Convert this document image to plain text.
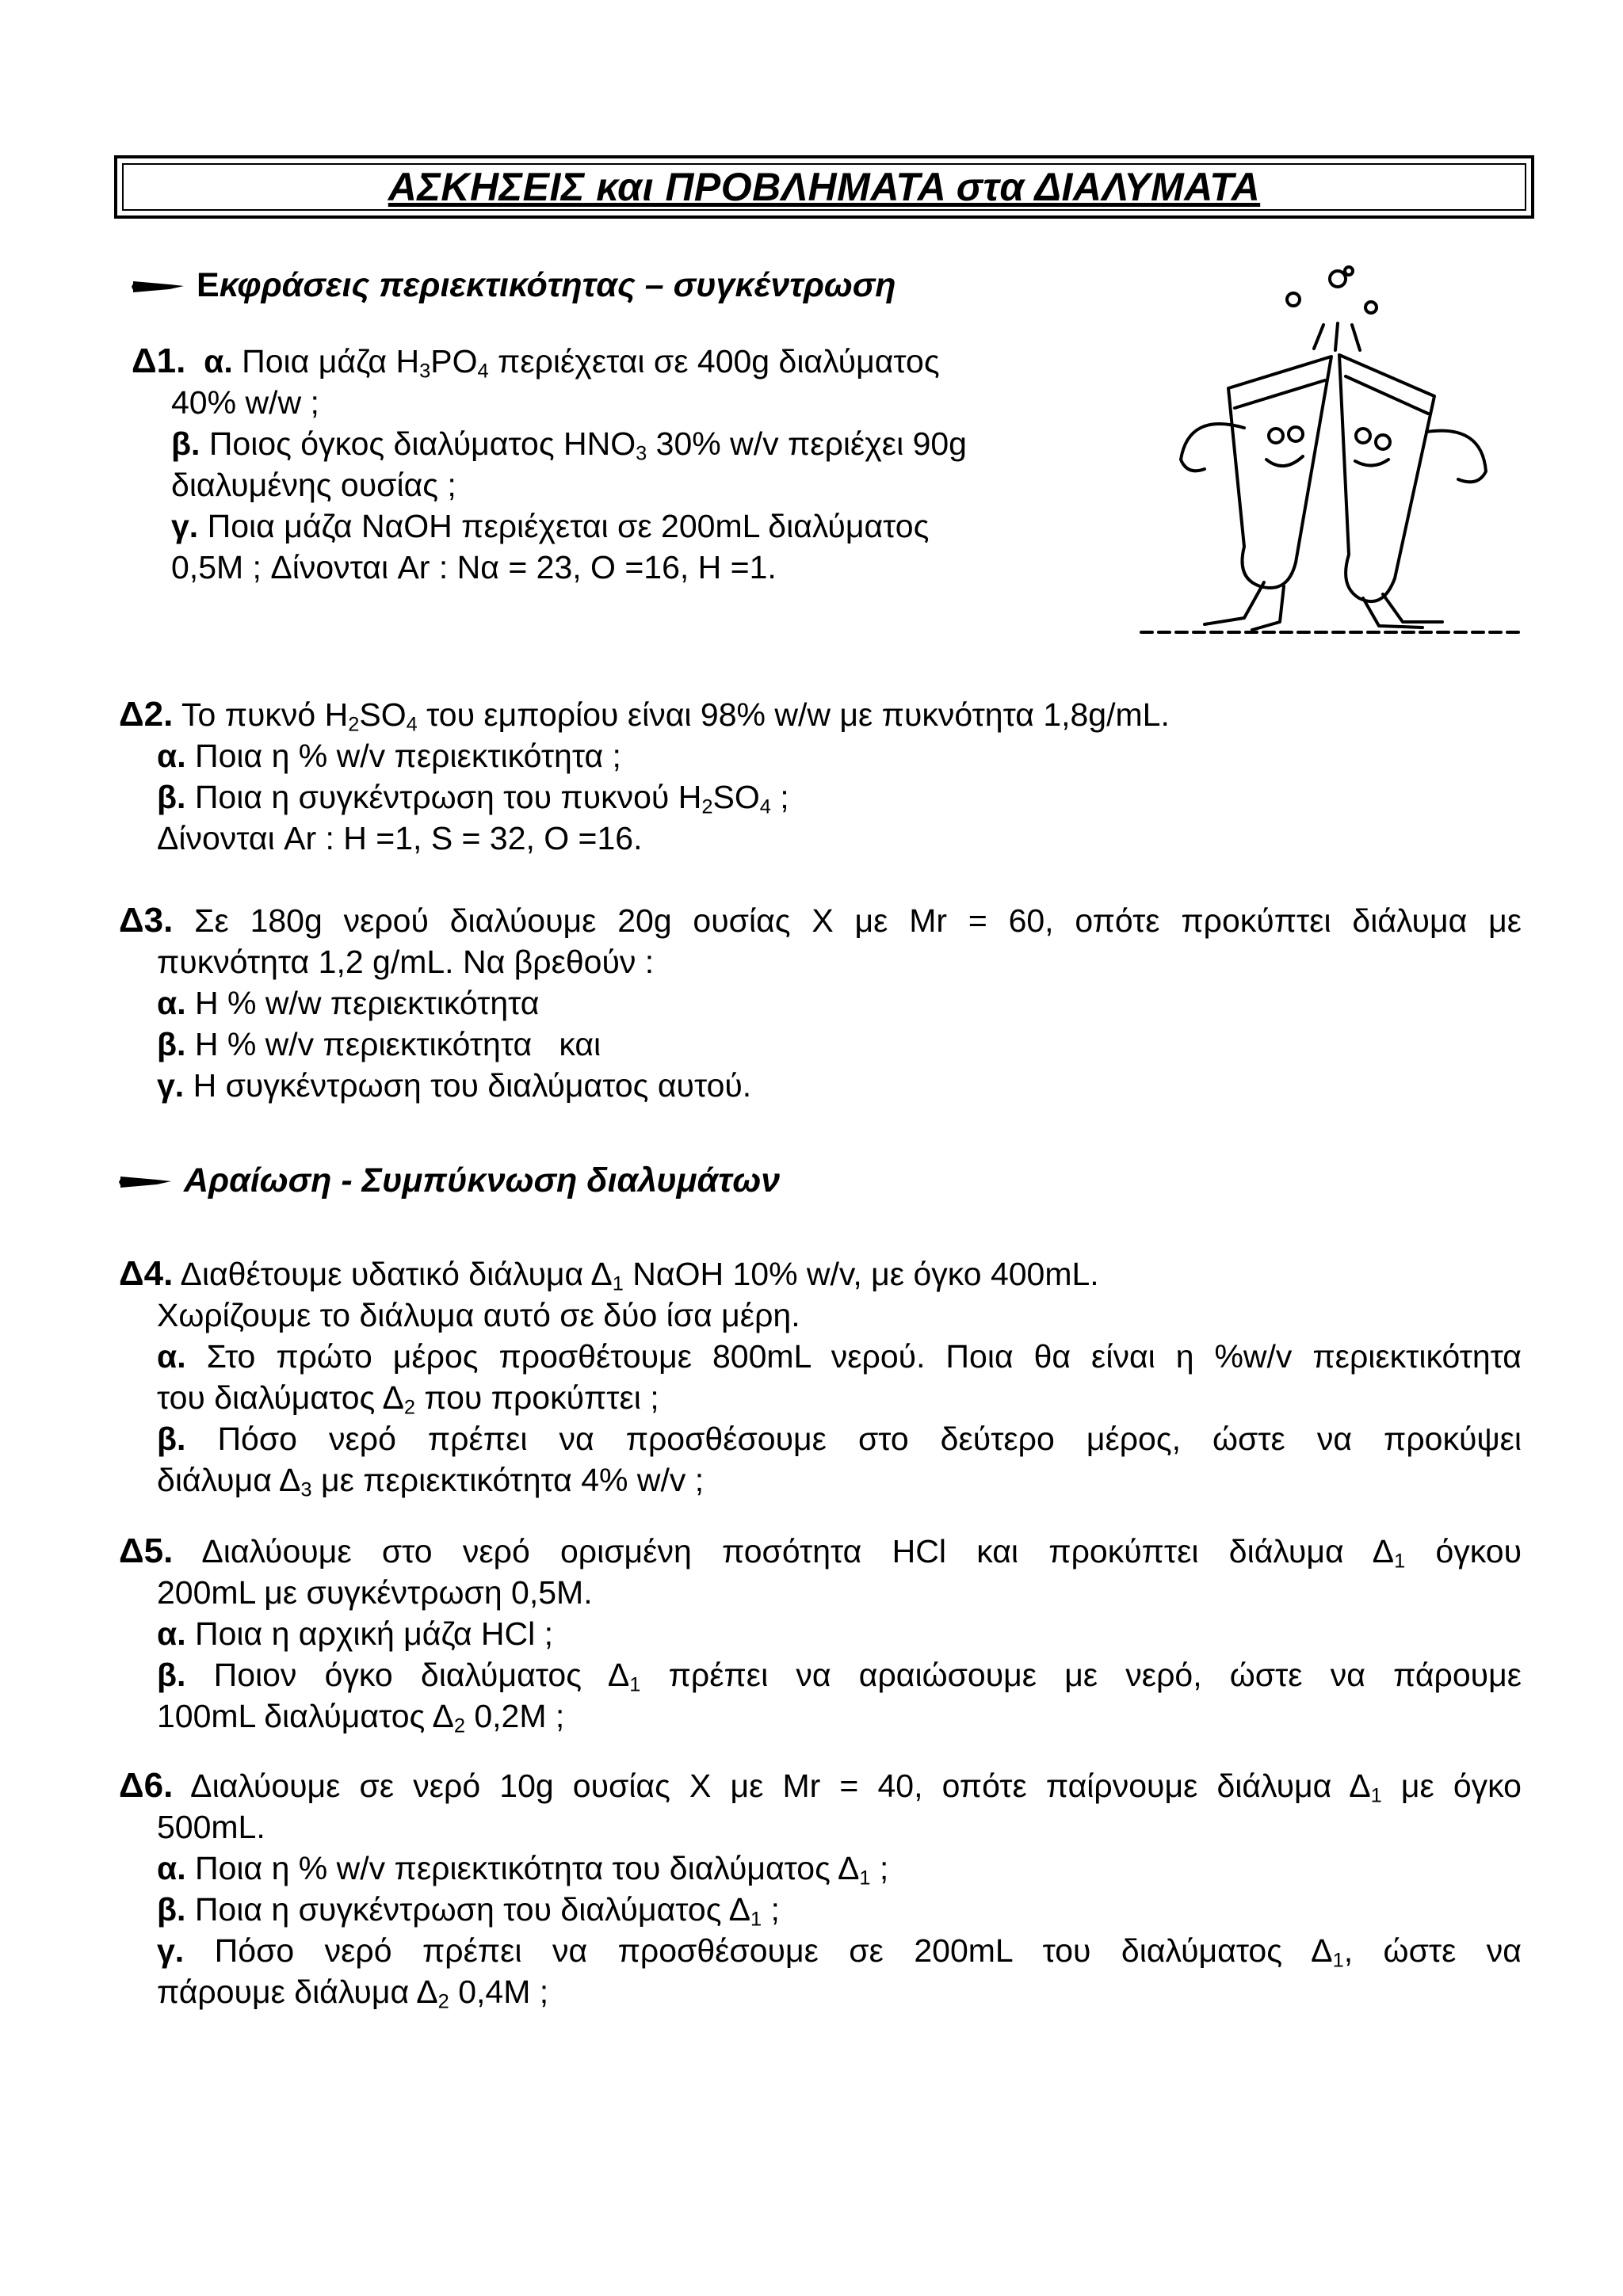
ΑΣΚΗΣΕΙΣ και ΠΡΟΒΛΗΜΑΤΑ στα ΔΙΑΛΥΜΑΤΑ
Ε κφράσεις περιεκτικότητας – συγκέντρωση
Δ1. α. Ποια μάζα $H_3PO_4$ περιέχεται σε 400g διαλύματος
40% w/w ;
β. Ποιος όγκος διαλύματος $HNO_3$ 30% w/v περιέχει 90g
διαλυμένης ουσίας ;
γ. Ποια μάζα NαOH περιέχεται σε 200mL διαλύματος
0,5M ; Δίνονται Ar : Να = 23, O =16, H =1.
Δ2. Το πυκνό $H_2SO_4$ του εμπορίου είναι 98% w/w με πυκνότητα 1,8g/mL.
α. Ποια η % w/v περιεκτικότητα ;
β. Ποια η συγκέντρωση του πυκνού $H_2SO_4$ ;
Δίνονται Ar : H =1, S = 32, O =16.
Δ3. Σε 180g νερού διαλύουμε 20g ουσίας Χ με Mr = 60, οπότε προκύπτει διάλυμα με
πυκνότητα 1,2 g/mL. Να βρεθούν :
α. Η % w/w περιεκτικότητα
β. Η % w/v περιεκτικότητα   και
γ. Η συγκέντρωση του διαλύματος αυτού.
Αραίωση - Συμπύκνωση διαλυμάτων
Δ4. Διαθέτουμε υδατικό διάλυμα $\Delta_1$ NαOH 10% w/v, με όγκο 400mL.
Χωρίζουμε το διάλυμα αυτό σε δύο ίσα μέρη.
α. Στο πρώτο μέρος προσθέτουμε 800mL νερού. Ποια θα είναι η %w/v περιεκτικότητα
του διαλύματος $\Delta_2$ που προκύπτει ;
β. Πόσο νερό πρέπει να προσθέσουμε στο δεύτερο μέρος, ώστε να προκύψει
διάλυμα $\Delta_3$ με περιεκτικότητα 4% w/v ;
Δ5. Διαλύουμε στο νερό ορισμένη ποσότητα HCl και προκύπτει διάλυμα $\Delta_1$ όγκου
200mL με συγκέντρωση 0,5M.
α. Ποια η αρχική μάζα HCl ;
β. Ποιον όγκο διαλύματος $\Delta_1$ πρέπει να αραιώσουμε με νερό, ώστε να πάρουμε
100mL διαλύματος $\Delta_2$ 0,2M ;
Δ6. Διαλύουμε σε νερό 10g ουσίας Χ με Mr = 40, οπότε παίρνουμε διάλυμα $\Delta_1$ με όγκο
500mL.
α. Ποια η % w/v περιεκτικότητα του διαλύματος $\Delta_1$ ;
β. Ποια η συγκέντρωση του διαλύματος $\Delta_1$ ;
γ. Πόσο νερό πρέπει να προσθέσουμε σε 200mL του διαλύματος $\Delta_1$, ώστε να
πάρουμε διάλυμα $\Delta_2$ 0,4M ;
